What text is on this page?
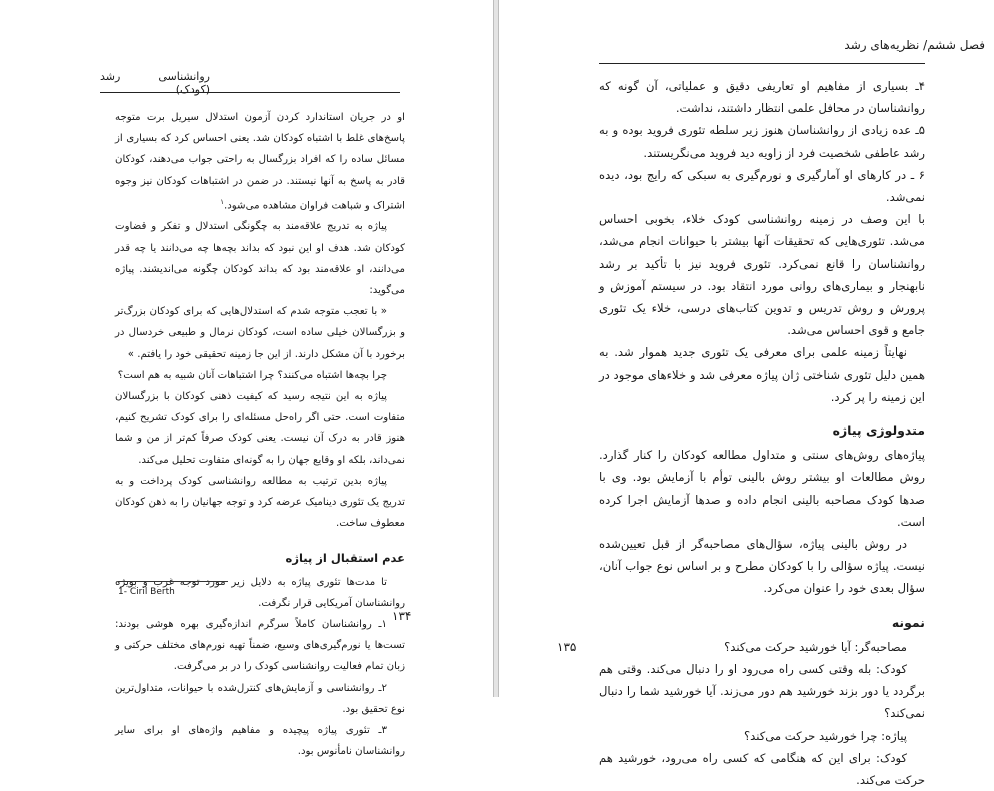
روانشناسی رشد (کودک)

او در جریان استاندارد کردن آزمون استدلال سیریل برت متوجه پاسخ‌های غلط با اشتباه کودکان شد. یعنی احساس کرد که بسیاری از مسائل ساده را که افراد بزرگسال به راحتی جواب می‌دهند، کودکان قادر به پاسخ به آنها نیستند. در ضمن در اشتباهات کودکان نیز وجوه اشتراک و شباهت فراوان مشاهده می‌شود.$^۱$

پیاژه به تدریج علاقه‌مند به چگونگی استدلال و تفکر و قضاوت کودکان شد. هدف او این نبود که بداند بچه‌ها چه می‌دانند یا چه قدر می‌دانند، او علاقه‌مند بود که بداند کودکان چگونه می‌اندیشند. پیاژه می‌گوید:

« با تعجب متوجه شدم که استدلال‌هایی که برای کودکان بزرگ‌تر و بزرگسالان خیلی ساده است، کودکان نرمال و طبیعی خردسال در برخورد با آن مشکل دارند. از این جا زمینه تحقیقی خود را یافتم. »

چرا بچه‌ها اشتباه می‌کنند؟ چرا اشتباهات آنان شبیه به هم است؟

پیاژه به این نتیجه رسید که کیفیت ذهنی کودکان با بزرگسالان متفاوت است. حتی اگر راه‌حل مسئله‌ای را برای کودک تشریح کنیم، هنوز قادر به درک آن نیست. یعنی کودک صرفاً کم‌تر از من و شما نمی‌داند، بلکه او وقایع جهان را به گونه‌ای متفاوت تحلیل می‌کند.

پیاژه بدین ترتیب به مطالعه روانشناسی کودک پرداخت و به تدریج یک تئوری دینامیک عرضه کرد و توجه جهانیان را به ذهن کودکان معطوف ساخت.

عدم استقبال از پیاژه

تا مدت‌ها تئوری پیاژه به دلایل زیر مورد توجه غرب و بویژه روانشناسان آمریکایی قرار نگرفت.

۱ـ روانشناسان کاملاً سرگرم اندازه‌گیری بهره هوشی بودند: تست‌ها یا نورم‌گیری‌های وسیع، ضمناً تهیه نورم‌های مختلف حرکتی و زبان تمام فعالیت روانشناسی کودک را در بر می‌گرفت.

۲ـ روانشناسی و آزمایش‌های کنترل‌شده با حیوانات، متداول‌ترین نوع تحقیق بود.

۳ـ تئوری پیاژه پیچیده و مفاهیم واژه‌های او برای سایر روانشناسان نامأنوس بود.

1- Ciril Berth
۱۳۴
فصل ششم/ نظریه‌های رشد

۴ـ بسیاری از مفاهیم او تعاریفی دقیق و عملیاتی، آن گونه که روانشناسان در محافل علمی انتظار داشتند، نداشت.

۵ـ عده زیادی از روانشناسان هنوز زیر سلطه تئوری فروید بوده و به رشد عاطفی شخصیت فرد از زاویه دید فروید می‌نگریستند.

۶ ـ در کارهای او آمارگیری و نورم‌گیری به سبکی که رایج بود، دیده نمی‌شد.

با این وصف در زمینه روانشناسی کودک خلاء، بخوبی احساس می‌شد. تئوری‌هایی که تحقیقات آنها بیشتر با حیوانات انجام می‌شد، روانشناسان را قانع نمی‌کرد. تئوری فروید نیز با تأکید بر رشد نابهنجار و بیماری‌های روانی مورد انتقاد بود. در سیستم آموزش و پرورش و روش تدریس و تدوین کتاب‌های درسی، خلاء یک تئوری جامع و قوی احساس می‌شد.

نهایتاً زمینه علمی برای معرفی یک تئوری جدید هموار شد. به همین دلیل تئوری شناختی ژان پیاژه معرفی شد و خلاءهای موجود در این زمینه را پر کرد.

متدولوژی پیاژه

پیاژه‌های روش‌های سنتی و متداول مطالعه کودکان را کنار گذارد. روش مطالعات او بیشتر روش بالینی توأم با آزمایش بود. وی با صدها کودک مصاحبه بالینی انجام داده و صدها آزمایش اجرا کرده است.

در روش بالینی پیاژه، سؤال‌های مصاحبه‌گر از قبل تعیین‌شده نیست. پیاژه سؤالی را با کودکان مطرح و بر اساس نوع جواب آنان، سؤال بعدی خود را عنوان می‌کرد.

نمونه

مصاحبه‌گر: آیا خورشید حرکت می‌کند؟

کودک: بله وقتی کسی راه می‌رود او را دنبال می‌کند. وقتی هم برگردد یا دور بزند خورشید هم دور می‌زند. آیا خورشید شما را دنبال نمی‌کند؟

پیاژه: چرا خورشید حرکت می‌کند؟

کودک: برای این که هنگامی که کسی راه می‌رود، خورشید هم حرکت می‌کند.

۱۳۵
